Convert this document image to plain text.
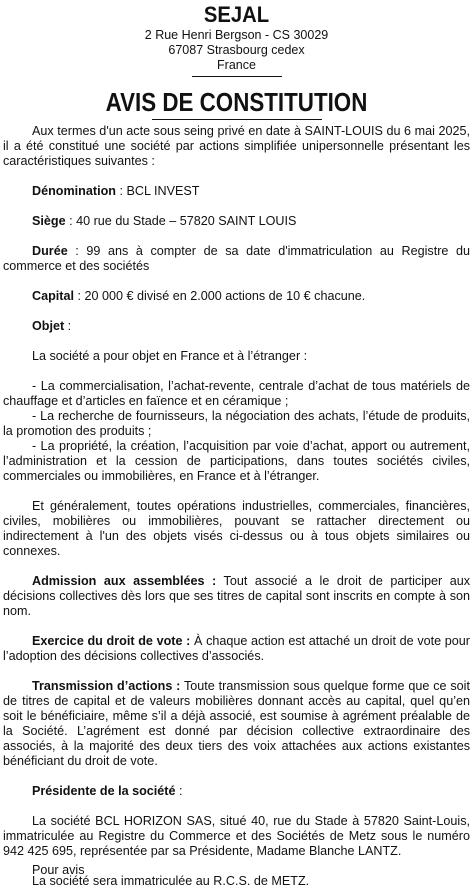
SEJAL
2 Rue Henri Bergson - CS 30029
67087 Strasbourg cedex
France
AVIS DE CONSTITUTION

Aux termes d'un acte sous seing privé en date à SAINT-LOUIS du 6 mai 2025, il a été constitué une société par actions simplifiée unipersonnelle présentant les caractéristiques suivantes :

Dénomination : BCL INVEST

Siège : 40 rue du Stade – 57820 SAINT LOUIS

Durée : 99 ans à compter de sa date d'immatriculation au Registre du commerce et des sociétés

Capital : 20 000 € divisé en 2.000 actions de 10 € chacune.

Objet :

La société a pour objet en France et à l’étranger :

- La commercialisation, l’achat-revente, centrale d’achat de tous matériels de chauffage et d’articles en faïence et en céramique ;

- La recherche de fournisseurs, la négociation des achats, l’étude de produits, la promotion des produits ;

- La propriété, la création, l’acquisition par voie d’achat, apport ou autrement, l’administration et la cession de participations, dans toutes sociétés civiles, commerciales ou immobilières, en France et à l’étranger.

Et généralement, toutes opérations industrielles, commerciales, financières, civiles, mobilières ou immobilières, pouvant se rattacher directement ou indirectement à l'un des objets visés ci-dessus ou à tous objets similaires ou connexes.

Admission aux assemblées : Tout associé a le droit de participer aux décisions collectives dès lors que ses titres de capital sont inscrits en compte à son nom.

Exercice du droit de vote : À chaque action est attaché un droit de vote pour l’adoption des décisions collectives d’associés.

Transmission d’actions : Toute transmission sous quelque forme que ce soit de titres de capital et de valeurs mobilières donnant accès au capital, quel qu’en soit le bénéficiaire, même s’il a déjà associé, est soumise à agrément préalable de la Société. L’agrément est donné par décision collective extraordinaire des associés, à la majorité des deux tiers des voix attachées aux actions existantes bénéficiant du droit de vote.

Présidente de la société :

La société BCL HORIZON SAS, situé 40, rue du Stade à 57820 Saint-Louis, immatriculée au Registre du Commerce et des Sociétés de Metz sous le numéro 942 425 695, représentée par sa Présidente, Madame Blanche LANTZ.

La société sera immatriculée au R.C.S. de METZ.

Pour avis
